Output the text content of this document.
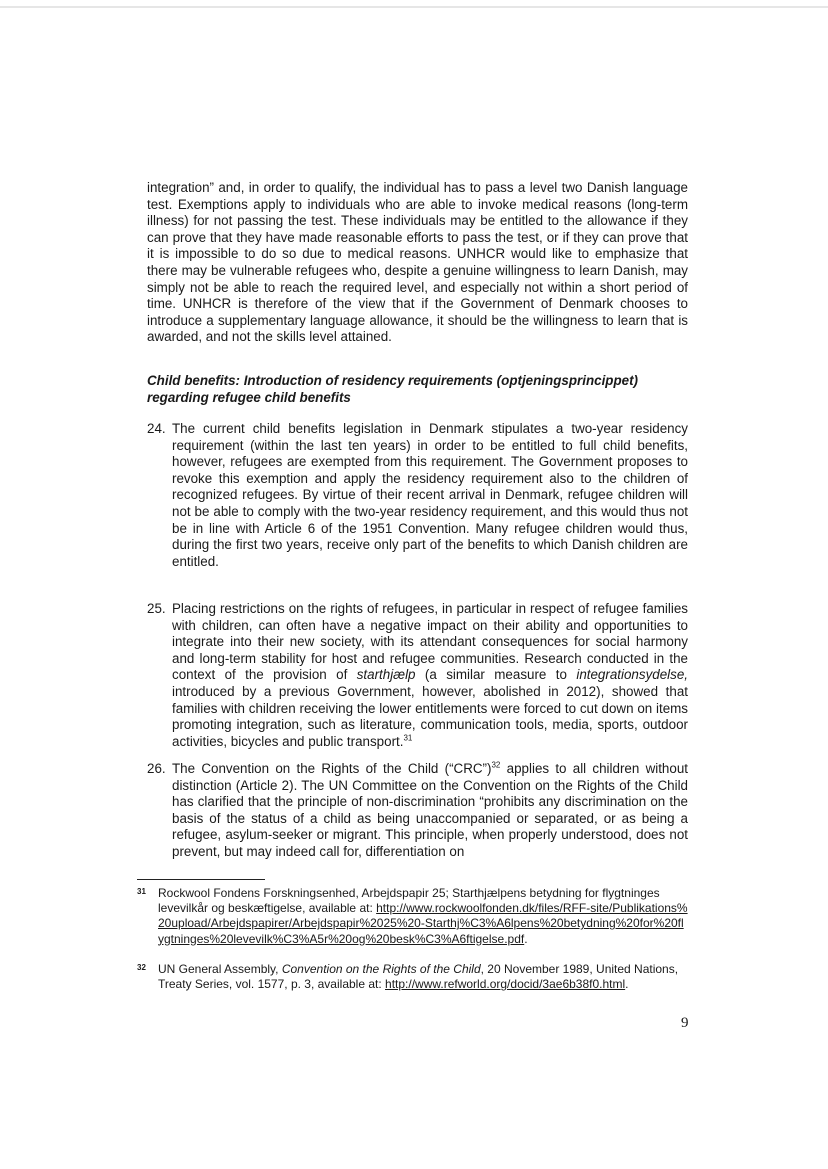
integration” and, in order to qualify, the individual has to pass a level two Danish language test. Exemptions apply to individuals who are able to invoke medical reasons (long-term illness) for not passing the test. These individuals may be entitled to the allowance if they can prove that they have made reasonable efforts to pass the test, or if they can prove that it is impossible to do so due to medical reasons. UNHCR would like to emphasize that there may be vulnerable refugees who, despite a genuine willingness to learn Danish, may simply not be able to reach the required level, and especially not within a short period of time. UNHCR is therefore of the view that if the Government of Denmark chooses to introduce a supplementary language allowance, it should be the willingness to learn that is awarded, and not the skills level attained.
Child benefits: Introduction of residency requirements (optjeningsprincippet) regarding refugee child benefits
24. The current child benefits legislation in Denmark stipulates a two-year residency requirement (within the last ten years) in order to be entitled to full child benefits, however, refugees are exempted from this requirement. The Government proposes to revoke this exemption and apply the residency requirement also to the children of recognized refugees. By virtue of their recent arrival in Denmark, refugee children will not be able to comply with the two-year residency requirement, and this would thus not be in line with Article 6 of the 1951 Convention. Many refugee children would thus, during the first two years, receive only part of the benefits to which Danish children are entitled.
25. Placing restrictions on the rights of refugees, in particular in respect of refugee families with children, can often have a negative impact on their ability and opportunities to integrate into their new society, with its attendant consequences for social harmony and long-term stability for host and refugee communities. Research conducted in the context of the provision of starthjælp (a similar measure to integrationsydelse, introduced by a previous Government, however, abolished in 2012), showed that families with children receiving the lower entitlements were forced to cut down on items promoting integration, such as literature, communication tools, media, sports, outdoor activities, bicycles and public transport.$^{31}$
26. The Convention on the Rights of the Child (“CRC”)$^{32}$ applies to all children without distinction (Article 2). The UN Committee on the Convention on the Rights of the Child has clarified that the principle of non-discrimination “prohibits any discrimination on the basis of the status of a child as being unaccompanied or separated, or as being a refugee, asylum-seeker or migrant. This principle, when properly understood, does not prevent, but may indeed call for, differentiation on
31 Rockwool Fondens Forskningsenhed, Arbejdspapir 25; Starthjælpens betydning for flygtninges levevilkår og beskæftigelse, available at: http://www.rockwoolfonden.dk/files/RFF-site/Publikations%20upload/Arbejdspapirer/Arbejdspapir%2025%20-Starthj%C3%A6lpens%20betydning%20for%20flygtninges%20levevilk%C3%A5r%20og%20besk%C3%A6ftigelse.pdf.
32 UN General Assembly, Convention on the Rights of the Child, 20 November 1989, United Nations, Treaty Series, vol. 1577, p. 3, available at: http://www.refworld.org/docid/3ae6b38f0.html.
9
